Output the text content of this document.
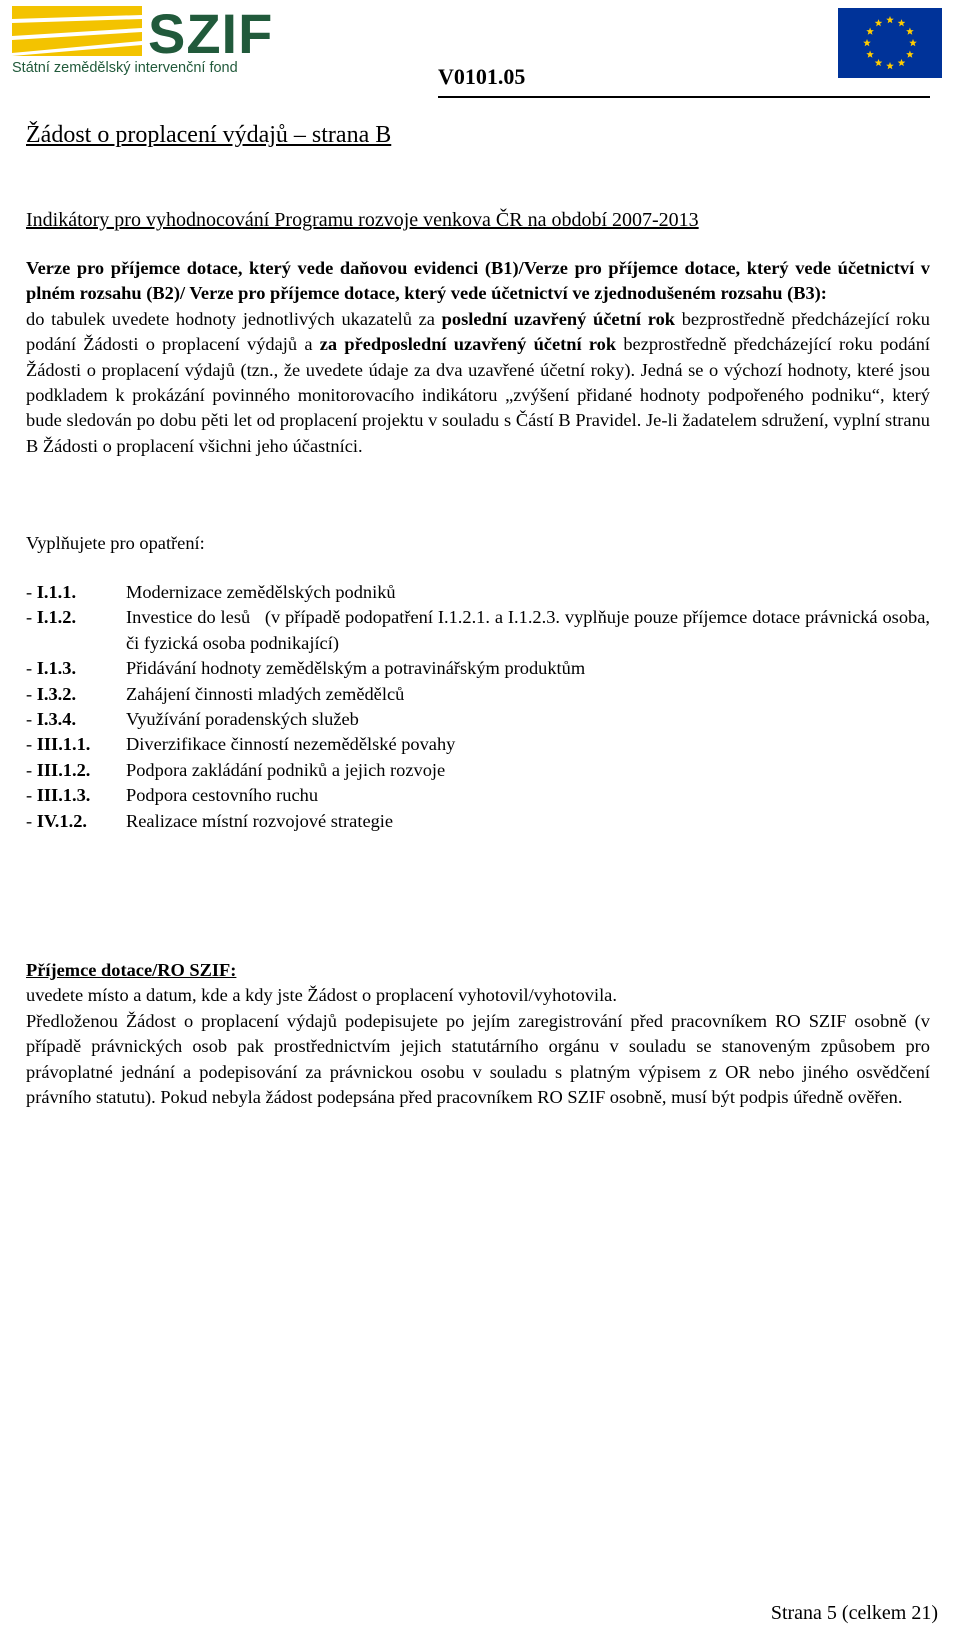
SZIF
Státní zemědělský intervenční fond	V0101.05
Žádost o proplacení výdajů – strana B
Indikátory pro vyhodnocování Programu rozvoje venkova ČR na období 2007-2013
Verze pro příjemce dotace, který vede daňovou evidenci (B1)/Verze pro příjemce dotace, který vede účetnictví v plném rozsahu (B2)/ Verze pro příjemce dotace, který vede účetnictví ve zjednodušeném rozsahu (B3):
do tabulek uvedete hodnoty jednotlivých ukazatelů za poslední uzavřený účetní rok bezprostředně předcházející roku podání Žádosti o proplacení výdajů a za předposlední uzavřený účetní rok bezprostředně předcházející roku podání Žádosti o proplacení výdajů (tzn., že uvedete údaje za dva uzavřené účetní roky). Jedná se o výchozí hodnoty, které jsou podkladem k prokázání povinného monitorovacího indikátoru „zvýšení přidané hodnoty podpořeného podniku“, který bude sledován po dobu pěti let od proplacení projektu v souladu s Částí B Pravidel. Je-li žadatelem sdružení, vyplní stranu B Žádosti o proplacení všichni jeho účastníci.
Vyplňujete pro opatření:
- I.1.1.	Modernizace zemědělských podniků
- I.1.2.	Investice do lesů   (v případě podopatření I.1.2.1. a I.1.2.3. vyplňuje pouze příjemce dotace právnická osoba, či fyzická osoba podnikající)
- I.1.3.	Přidávání hodnoty zemědělským a potravinářským produktům
- I.3.2.	Zahájení činnosti mladých zemědělců
- I.3.4.	Využívání poradenských služeb
- III.1.1.	Diverzifikace činností nezemědělské povahy
- III.1.2.	Podpora zakládání podniků a jejich rozvoje
- III.1.3.	Podpora cestovního ruchu
- IV.1.2.	Realizace místní rozvojové strategie
Příjemce dotace/RO SZIF:
uvedete místo a datum, kde a kdy jste Žádost o proplacení vyhotovil/vyhotovila.
Předloženou Žádost o proplacení výdajů podepisujete po jejím zaregistrování před pracovníkem RO SZIF osobně (v případě právnických osob pak prostřednictvím jejich statutárního orgánu v souladu se stanoveným způsobem pro právoplatné jednání a podepisování za právnickou osobu v souladu s platným výpisem z OR nebo jiného osvědčení právního statutu). Pokud nebyla žádost podepsána před pracovníkem RO SZIF osobně, musí být podpis úředně ověřen.
Strana 5 (celkem 21)
